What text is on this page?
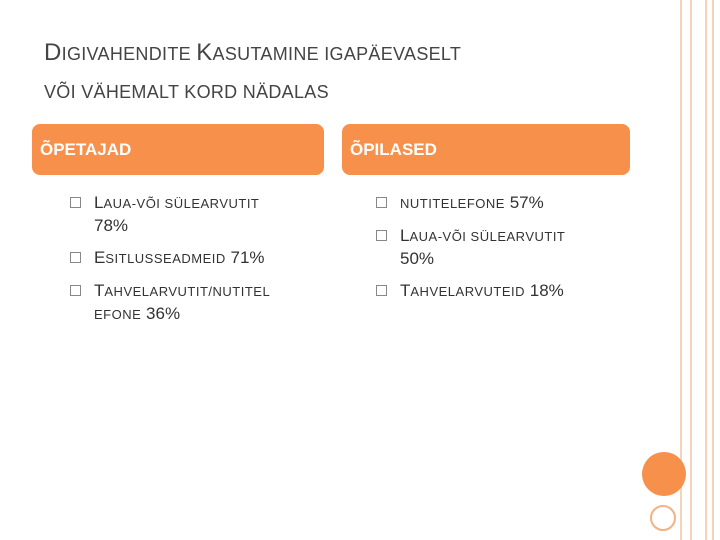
DIGIVAHENDITE KASUTAMINE IGAPÄEVASELT
VÕI VÄHEMALT KORD NÄDALAS
ÕPETAJAD
LAUA-VÕI SÜLEARVUTIT
78%
ESITLUSSEADMEID 71%
TAHVELARVUTIT/NUTITEL EFONE 36%
ÕPILASED
NUTITELEFONE 57%
LAUA-VÕI SÜLEARVUTIT
50%
TAHVELARVUTEID 18%
